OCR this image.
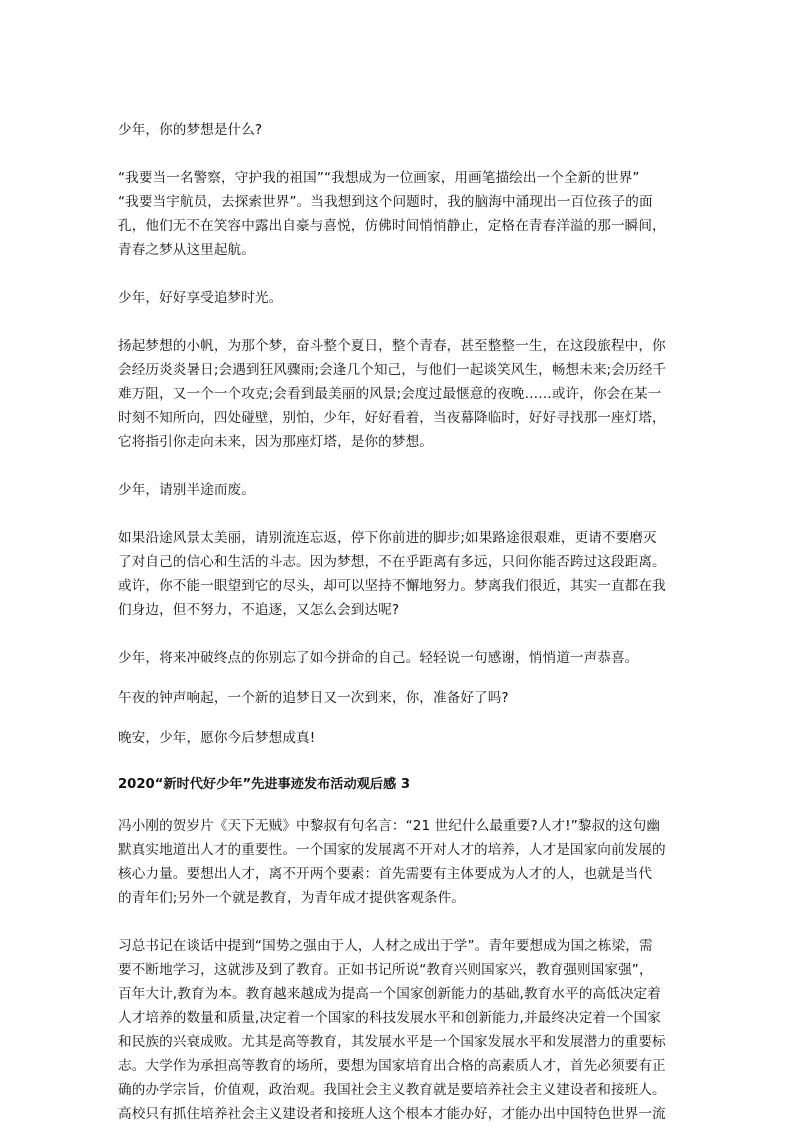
少年，你的梦想是什么?

“我要当一名警察，守护我的祖国”“我想成为一位画家，用画笔描绘出一个全新的世界”
“我要当宇航员，去探索世界”。当我想到这个问题时，我的脑海中涌现出一百位孩子的面
孔，他们无不在笑容中露出自豪与喜悦，仿佛时间悄悄静止，定格在青春洋溢的那一瞬间，
青春之梦从这里起航。

少年，好好享受追梦时光。

扬起梦想的小帆，为那个梦，奋斗整个夏日，整个青春，甚至整整一生，在这段旅程中，你
会经历炎炎暑日;会遇到狂风骤雨;会逢几个知己，与他们一起谈笑风生，畅想未来;会历经千
难万阻，又一个一个攻克;会看到最美丽的风景;会度过最惬意的夜晚……或许，你会在某一
时刻不知所向，四处碰壁，别怕，少年，好好看着，当夜幕降临时，好好寻找那一座灯塔，
它将指引你走向未来，因为那座灯塔，是你的梦想。

少年，请别半途而废。

如果沿途风景太美丽，请别流连忘返，停下你前进的脚步;如果路途很艰难，更请不要磨灭
了对自己的信心和生活的斗志。因为梦想，不在乎距离有多远，只问你能否跨过这段距离。
或许，你不能一眼望到它的尽头，却可以坚持不懈地努力。梦离我们很近，其实一直都在我
们身边，但不努力，不追逐，又怎么会到达呢?

少年，将来冲破终点的你别忘了如今拼命的自己。轻轻说一句感谢，悄悄道一声恭喜。

午夜的钟声响起，一个新的追梦日又一次到来，你，准备好了吗?

晚安，少年，愿你今后梦想成真!

2020“新时代好少年”先进事迹发布活动观后感 3

冯小刚的贺岁片《天下无贼》中黎叔有句名言：“21 世纪什么最重要?人才!”黎叔的这句幽
默真实地道出人才的重要性。一个国家的发展离不开对人才的培养，人才是国家向前发展的
核心力量。要想出人才，离不开两个要素：首先需要有主体要成为人才的人，也就是当代
的青年们;另外一个就是教育，为青年成才提供客观条件。

习总书记在谈话中提到“国势之强由于人，人材之成出于学”。青年要想成为国之栋梁，需
要不断地学习，这就涉及到了教育。正如书记所说“教育兴则国家兴，教育强则国家强”，
百年大计,教育为本。教育越来越成为提高一个国家创新能力的基础,教育水平的高低决定着
人才培养的数量和质量,决定着一个国家的科技发展水平和创新能力,并最终决定着一个国家
和民族的兴衰成败。尤其是高等教育，其发展水平是一个国家发展水平和发展潜力的重要标
志。大学作为承担高等教育的场所，要想为国家培育出合格的高素质人才，首先必须要有正
确的办学宗旨，价值观，政治观。我国社会主义教育就是要培养社会主义建设者和接班人。
高校只有抓住培养社会主义建设者和接班人这个根本才能办好，才能办出中国特色世界一流
